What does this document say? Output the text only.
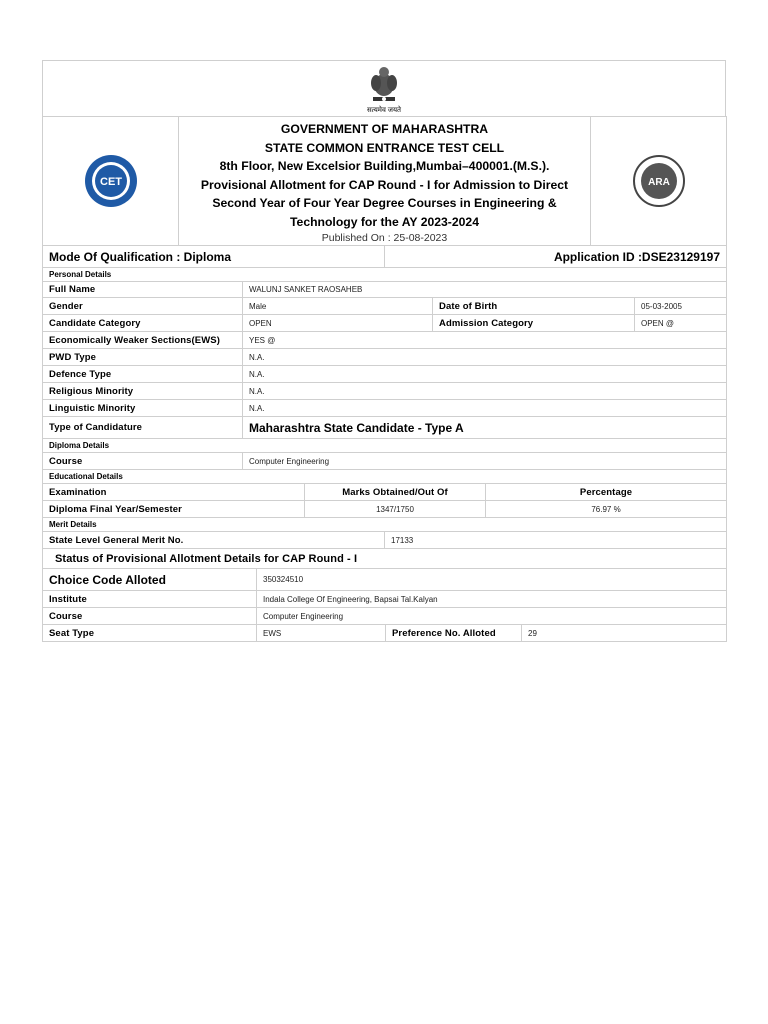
सत्यमेव जयते
CET

GOVERNMENT OF MAHARASHTRA
STATE COMMON ENTRANCE TEST CELL
8th Floor, New Excelsior Building,Mumbai–400001.(M.S.).
Provisional Allotment for CAP Round - I for Admission to Direct
Second Year of Four Year Degree Courses in Engineering &
Technology for the AY 2023-2024
Published On : 25-08-2023

ARA
Mode Of Qualification : Diploma	Application ID :DSE23129197
Personal Details			
Full Name	WALUNJ SANKET RAOSAHEB		
Gender	Male	Date of Birth	05-03-2005
Candidate Category	OPEN	Admission Category	OPEN @
Economically Weaker Sections(EWS)	YES @		
PWD Type	N.A.		
Defence Type	N.A.		
Religious Minority	N.A.		
Linguistic Minority	N.A.		
Type of Candidature	Maharashtra State Candidate - Type A		
Diploma Details
Course	Computer Engineering
Educational Details		
Examination	Marks Obtained/Out Of	Percentage
Diploma Final Year/Semester	1347/1750	76.97 %
Merit Details
State Level General Merit No.	17133
Status of Provisional Allotment Details for CAP Round - I			
Choice Code Alloted	350324510		
Institute	Indala College Of Engineering, Bapsai Tal.Kalyan		
Course	Computer Engineering		
Seat Type	EWS	Preference No. Alloted	29
